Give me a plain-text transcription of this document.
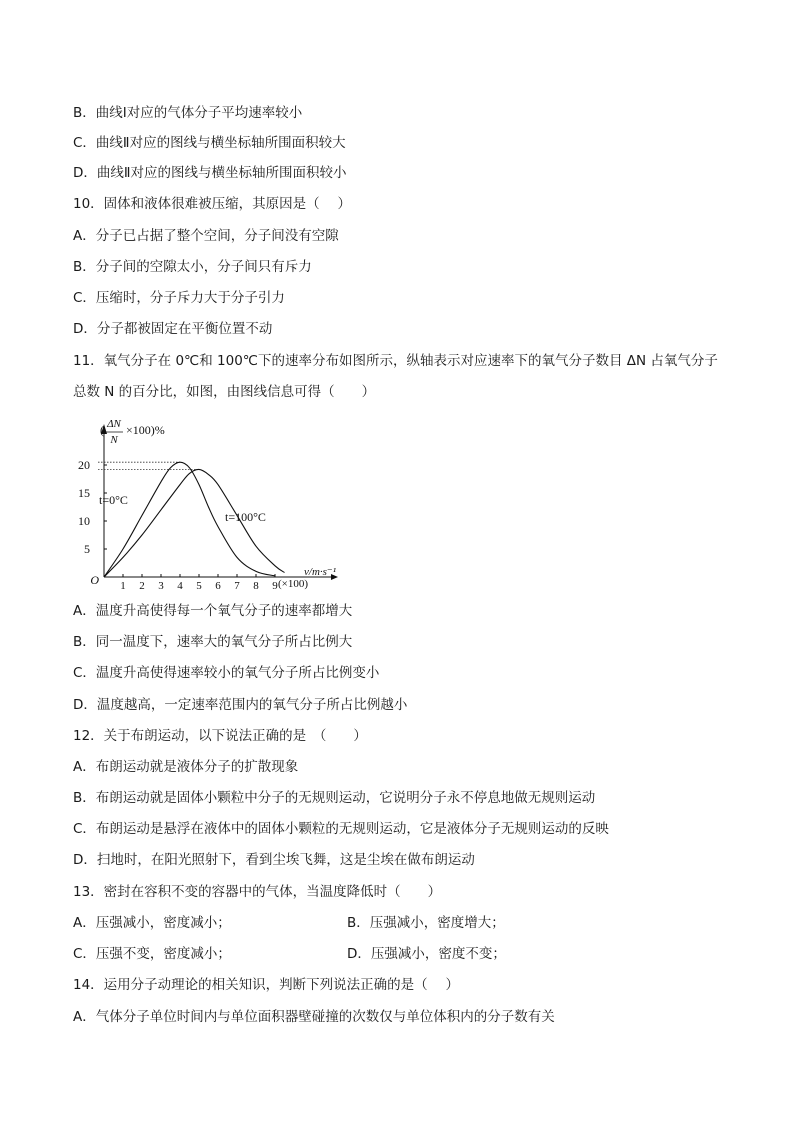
B．曲线Ⅰ对应的气体分子平均速率较小
C．曲线Ⅱ对应的图线与横坐标轴所围面积较大
D．曲线Ⅱ对应的图线与横坐标轴所围面积较小
10．固体和液体很难被压缩，其原因是（　 ）
A．分子已占据了整个空间，分子间没有空隙
B．分子间的空隙太小，分子间只有斥力
C．压缩时，分子斥力大于分子引力
D．分子都被固定在平衡位置不动
11．氧气分子在 0℃和 100℃下的速率分布如图所示，纵轴表示对应速率下的氧气分子数目 ΔN 占氧气分子
总数 N 的百分比，如图，由图线信息可得（　　）
( ΔN
N
×100)%
O
v/m·s⁻¹
(×100)
1 2 3 4 5 6 7 8 9
5
10
15
20
t=0°C
t=100°C
A．温度升高使得每一个氧气分子的速率都增大
B．同一温度下，速率大的氧气分子所占比例大
C．温度升高使得速率较小的氧气分子所占比例变小
D．温度越高，一定速率范围内的氧气分子所占比例越小
12．关于布朗运动，以下说法正确的是　（　　）
A．布朗运动就是液体分子的扩散现象
B．布朗运动就是固体小颗粒中分子的无规则运动，它说明分子永不停息地做无规则运动
C．布朗运动是悬浮在液体中的固体小颗粒的无规则运动，它是液体分子无规则运动的反映
D．扫地时，在阳光照射下，看到尘埃飞舞，这是尘埃在做布朗运动
13．密封在容积不变的容器中的气体，当温度降低时（　　）
A．压强减小，密度减小；	B．压强减小，密度增大；
C．压强不变，密度减小；	D．压强减小，密度不变；
14．运用分子动理论的相关知识，判断下列说法正确的是（　 ）
A．气体分子单位时间内与单位面积器壁碰撞的次数仅与单位体积内的分子数有关
